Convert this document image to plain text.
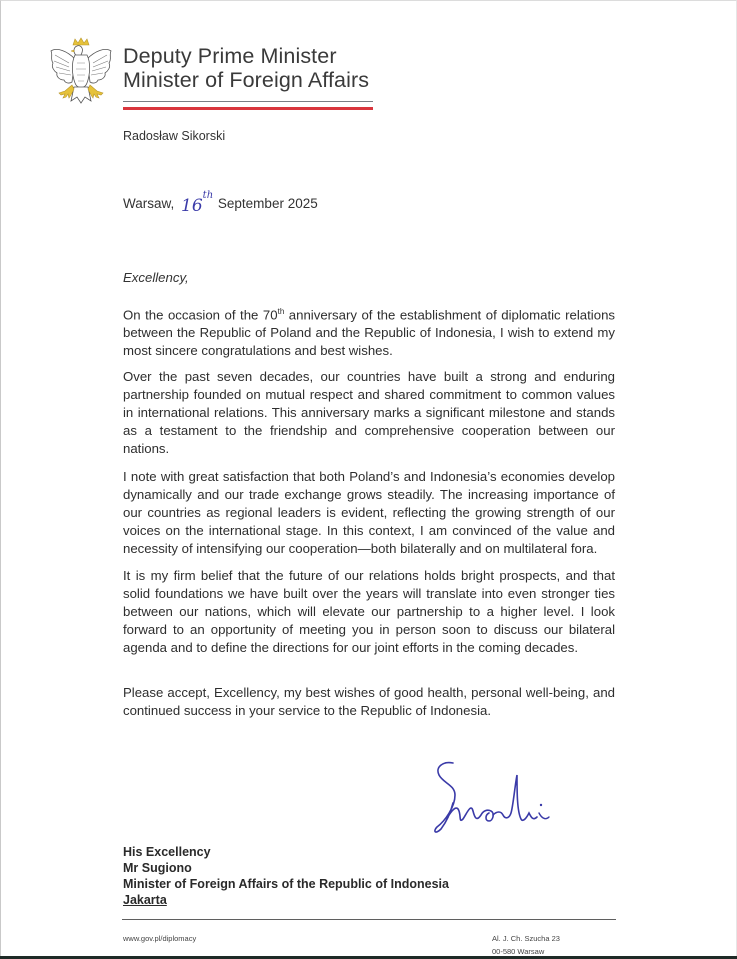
Deputy Prime Minister
Minister of Foreign Affairs
Radosław Sikorski
Warsaw, 16th September 2025
Excellency,
On the occasion of the 70th anniversary of the establishment of diplomatic relations between the Republic of Poland and the Republic of Indonesia, I wish to extend my most sincere congratulations and best wishes.
Over the past seven decades, our countries have built a strong and enduring partnership founded on mutual respect and shared commitment to common values in international relations. This anniversary marks a significant milestone and stands as a testament to the friendship and comprehensive cooperation between our nations.
I note with great satisfaction that both Poland’s and Indonesia’s economies develop dynamically and our trade exchange grows steadily. The increasing importance of our countries as regional leaders is evident, reflecting the growing strength of our voices on the international stage. In this context, I am convinced of the value and necessity of intensifying our cooperation—both bilaterally and on multilateral fora.
It is my firm belief that the future of our relations holds bright prospects, and that solid foundations we have built over the years will translate into even stronger ties between our nations, which will elevate our partnership to a higher level. I look forward to an opportunity of meeting you in person soon to discuss our bilateral agenda and to define the directions for our joint efforts in the coming decades.
Please accept, Excellency, my best wishes of good health, personal well-being, and continued success in your service to the Republic of Indonesia.
His Excellency
Mr Sugiono
Minister of Foreign Affairs of the Republic of Indonesia
Jakarta
www.gov.pl/diplomacy	Al. J. Ch. Szucha 23
00-580 Warsaw
